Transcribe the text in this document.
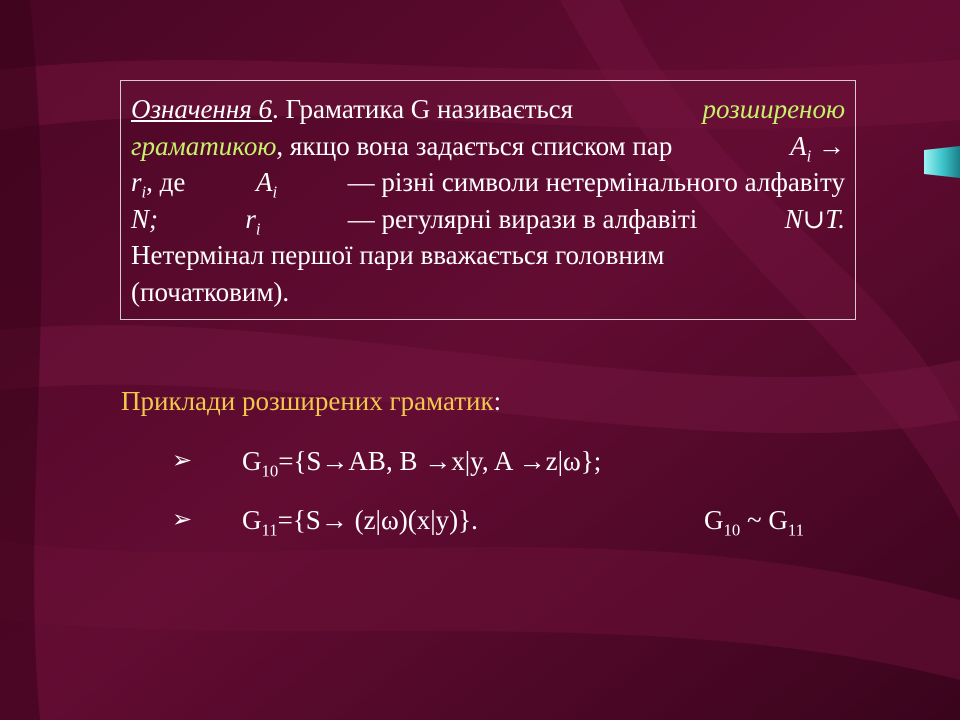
Означення 6. Граматика G називається	розширеною
граматикою, якщо вона задається списком пар	$A_i$ →
$r_i$, де	$A_i$	— різні символи нетермінального алфавіту
N;	$r_i$	— регулярні вирази в алфавіті	N∪T.
Нетермінал першої пари вважається головним
(початковим).
Приклади розширених граматик:
➢ $G_{10}=\{S\to AB$, B →x|y, A →z|ω};
➢ $G_{11}=\{S\to (z|\omega)(x|y)\}$.	$G_{10}$ ~ $G_{11}$
